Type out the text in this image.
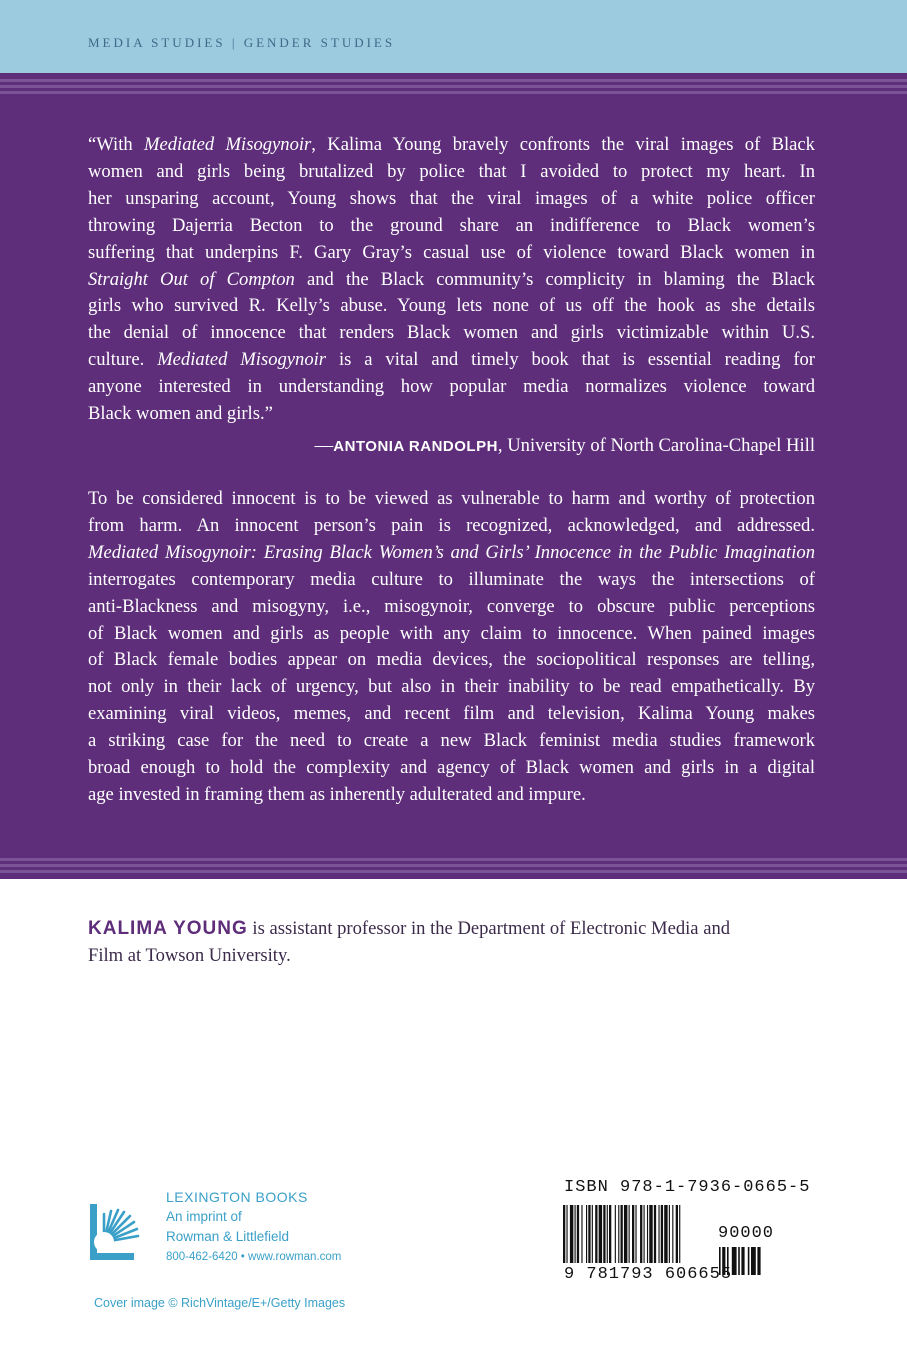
MEDIA STUDIES | GENDER STUDIES
“With Mediated Misogynoir, Kalima Young bravely confronts the viral images of Black
women and girls being brutalized by police that I avoided to protect my heart. In
her unsparing account, Young shows that the viral images of a white police officer
throwing Dajerria Becton to the ground share an indifference to Black women’s
suffering that underpins F. Gary Gray’s casual use of violence toward Black women in
Straight Out of Compton and the Black community’s complicity in blaming the Black
girls who survived R. Kelly’s abuse. Young lets none of us off the hook as she details
the denial of innocence that renders Black women and girls victimizable within U.S.
culture. Mediated Misogynoir is a vital and timely book that is essential reading for
anyone interested in understanding how popular media normalizes violence toward
Black women and girls.”
—ANTONIA RANDOLPH, University of North Carolina-Chapel Hill
To be considered innocent is to be viewed as vulnerable to harm and worthy of protection
from harm. An innocent person’s pain is recognized, acknowledged, and addressed.
Mediated Misogynoir: Erasing Black Women’s and Girls’ Innocence in the Public Imagination
interrogates contemporary media culture to illuminate the ways the intersections of
anti-Blackness and misogyny, i.e., misogynoir, converge to obscure public perceptions
of Black women and girls as people with any claim to innocence. When pained images
of Black female bodies appear on media devices, the sociopolitical responses are telling,
not only in their lack of urgency, but also in their inability to be read empathetically. By
examining viral videos, memes, and recent film and television, Kalima Young makes
a striking case for the need to create a new Black feminist media studies framework
broad enough to hold the complexity and agency of Black women and girls in a digital
age invested in framing them as inherently adulterated and impure.
KALIMA YOUNG is assistant professor in the Department of Electronic Media and
Film at Towson University.
LEXINGTON BOOKS
An imprint of
Rowman & Littlefield
800-462-6420 • www.rowman.com
Cover image © RichVintage/E+/Getty Images
ISBN 978-1-7936-0665-5
90000
9 781793 606655
